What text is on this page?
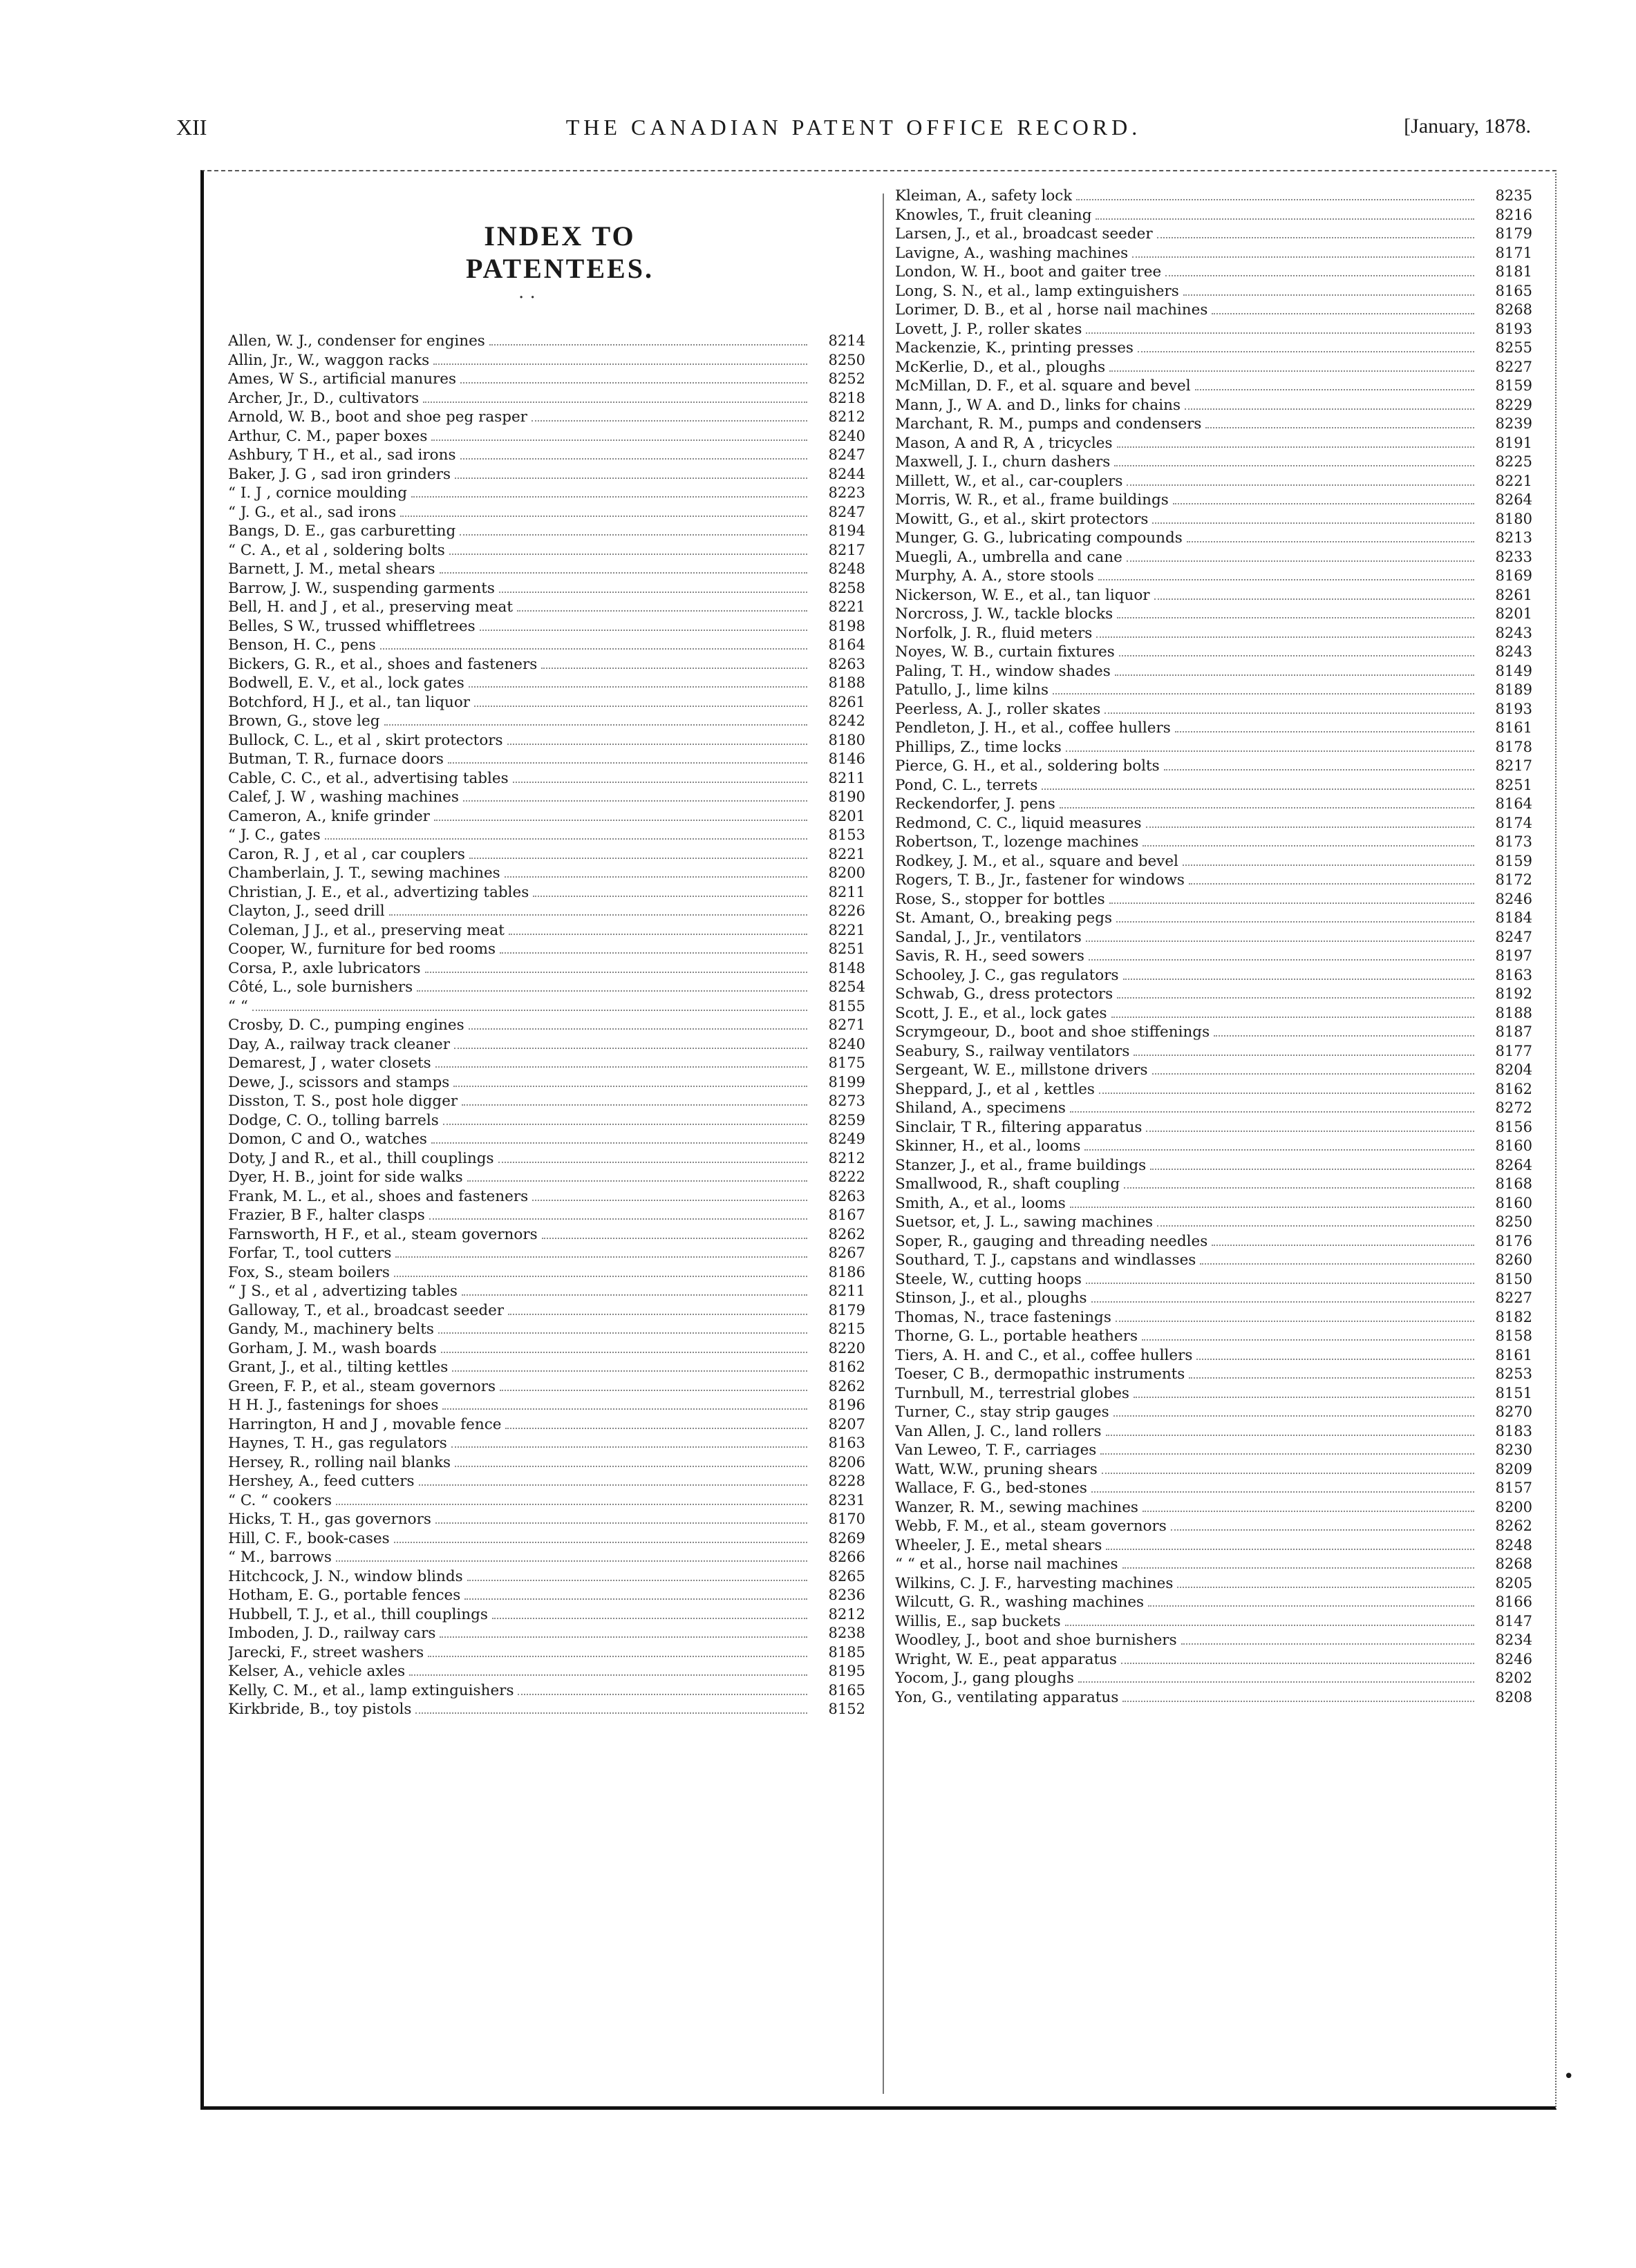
XII	THE CANADIAN PATENT OFFICE RECORD.	[January, 1878.
INDEX TO PATENTEES.
. .
Allen, W. J., condenser for engines	8214
Allin, Jr., W., waggon racks	8250
Ames, W S., artificial manures	8252
Archer, Jr., D., cultivators	8218
Arnold, W. B., boot and shoe peg rasper	8212
Arthur, C. M., paper boxes	8240
Ashbury, T H., et al., sad irons	8247
Baker, J. G , sad iron grinders	8244
“ I. J , cornice moulding	8223
“ J. G., et al., sad irons	8247
Bangs, D. E., gas carburetting	8194
“ C. A., et al , soldering bolts	8217
Barnett, J. M., metal shears	8248
Barrow, J. W., suspending garments	8258
Bell, H. and J , et al., preserving meat	8221
Belles, S W., trussed whiffletrees	8198
Benson, H. C., pens	8164
Bickers, G. R., et al., shoes and fasteners	8263
Bodwell, E. V., et al., lock gates	8188
Botchford, H J., et al., tan liquor	8261
Brown, G., stove leg	8242
Bullock, C. L., et al , skirt protectors	8180
Butman, T. R., furnace doors	8146
Cable, C. C., et al., advertising tables	8211
Calef, J. W , washing machines	8190
Cameron, A., knife grinder	8201
“ J. C., gates	8153
Caron, R. J , et al , car couplers	8221
Chamberlain, J. T., sewing machines	8200
Christian, J. E., et al., advertizing tables	8211
Clayton, J., seed drill	8226
Coleman, J J., et al., preserving meat	8221
Cooper, W., furniture for bed rooms	8251
Corsa, P., axle lubricators	8148
Côté, L., sole burnishers	8254
“ “	8155
Crosby, D. C., pumping engines	8271
Day, A., railway track cleaner	8240
Demarest, J , water closets	8175
Dewe, J., scissors and stamps	8199
Disston, T. S., post hole digger	8273
Dodge, C. O., tolling barrels	8259
Domon, C and O., watches	8249
Doty, J and R., et al., thill couplings	8212
Dyer, H. B., joint for side walks	8222
Frank, M. L., et al., shoes and fasteners	8263
Frazier, B F., halter clasps	8167
Farnsworth, H F., et al., steam governors	8262
Forfar, T., tool cutters	8267
Fox, S., steam boilers	8186
“ J S., et al , advertizing tables	8211
Galloway, T., et al., broadcast seeder	8179
Gandy, M., machinery belts	8215
Gorham, J. M., wash boards	8220
Grant, J., et al., tilting kettles	8162
Green, F. P., et al., steam governors	8262
H H. J., fastenings for shoes	8196
Harrington, H and J , movable fence	8207
Haynes, T. H., gas regulators	8163
Hersey, R., rolling nail blanks	8206
Hershey, A., feed cutters	8228
“ C. “ cookers	8231
Hicks, T. H., gas governors	8170
Hill, C. F., book-cases	8269
“ M., barrows	8266
Hitchcock, J. N., window blinds	8265
Hotham, E. G., portable fences	8236
Hubbell, T. J., et al., thill couplings	8212
Imboden, J. D., railway cars	8238
Jarecki, F., street washers	8185
Kelser, A., vehicle axles	8195
Kelly, C. M., et al., lamp extinguishers	8165
Kirkbride, B., toy pistols	8152
Kleiman, A., safety lock	8235
Knowles, T., fruit cleaning	8216
Larsen, J., et al., broadcast seeder	8179
Lavigne, A., washing machines	8171
London, W. H., boot and gaiter tree	8181
Long, S. N., et al., lamp extinguishers	8165
Lorimer, D. B., et al , horse nail machines	8268
Lovett, J. P., roller skates	8193
Mackenzie, K., printing presses	8255
McKerlie, D., et al., ploughs	8227
McMillan, D. F., et al. square and bevel	8159
Mann, J., W A. and D., links for chains	8229
Marchant, R. M., pumps and condensers	8239
Mason, A and R, A , tricycles	8191
Maxwell, J. I., churn dashers	8225
Millett, W., et al., car-couplers	8221
Morris, W. R., et al., frame buildings	8264
Mowitt, G., et al., skirt protectors	8180
Munger, G. G., lubricating compounds	8213
Muegli, A., umbrella and cane	8233
Murphy, A. A., store stools	8169
Nickerson, W. E., et al., tan liquor	8261
Norcross, J. W., tackle blocks	8201
Norfolk, J. R., fluid meters	8243
Noyes, W. B., curtain fixtures	8243
Paling, T. H., window shades	8149
Patullo, J., lime kilns	8189
Peerless, A. J., roller skates	8193
Pendleton, J. H., et al., coffee hullers	8161
Phillips, Z., time locks	8178
Pierce, G. H., et al., soldering bolts	8217
Pond, C. L., terrets	8251
Reckendorfer, J. pens	8164
Redmond, C. C., liquid measures	8174
Robertson, T., lozenge machines	8173
Rodkey, J. M., et al., square and bevel	8159
Rogers, T. B., Jr., fastener for windows	8172
Rose, S., stopper for bottles	8246
St. Amant, O., breaking pegs	8184
Sandal, J., Jr., ventilators	8247
Savis, R. H., seed sowers	8197
Schooley, J. C., gas regulators	8163
Schwab, G., dress protectors	8192
Scott, J. E., et al., lock gates	8188
Scrymgeour, D., boot and shoe stiffenings	8187
Seabury, S., railway ventilators	8177
Sergeant, W. E., millstone drivers	8204
Sheppard, J., et al , kettles	8162
Shiland, A., specimens	8272
Sinclair, T R., filtering apparatus	8156
Skinner, H., et al., looms	8160
Stanzer, J., et al., frame buildings	8264
Smallwood, R., shaft coupling	8168
Smith, A., et al., looms	8160
Suetsor, et, J. L., sawing machines	8250
Soper, R., gauging and threading needles	8176
Southard, T. J., capstans and windlasses	8260
Steele, W., cutting hoops	8150
Stinson, J., et al., ploughs	8227
Thomas, N., trace fastenings	8182
Thorne, G. L., portable heathers	8158
Tiers, A. H. and C., et al., coffee hullers	8161
Toeser, C B., dermopathic instruments	8253
Turnbull, M., terrestrial globes	8151
Turner, C., stay strip gauges	8270
Van Allen, J. C., land rollers	8183
Van Leweo, T. F., carriages	8230
Watt, W.W., pruning shears	8209
Wallace, F. G., bed-stones	8157
Wanzer, R. M., sewing machines	8200
Webb, F. M., et al., steam governors	8262
Wheeler, J. E., metal shears	8248
“ “ et al., horse nail machines	8268
Wilkins, C. J. F., harvesting machines	8205
Wilcutt, G. R., washing machines	8166
Willis, E., sap buckets	8147
Woodley, J., boot and shoe burnishers	8234
Wright, W. E., peat apparatus	8246
Yocom, J., gang ploughs	8202
Yon, G., ventilating apparatus	8208
•
